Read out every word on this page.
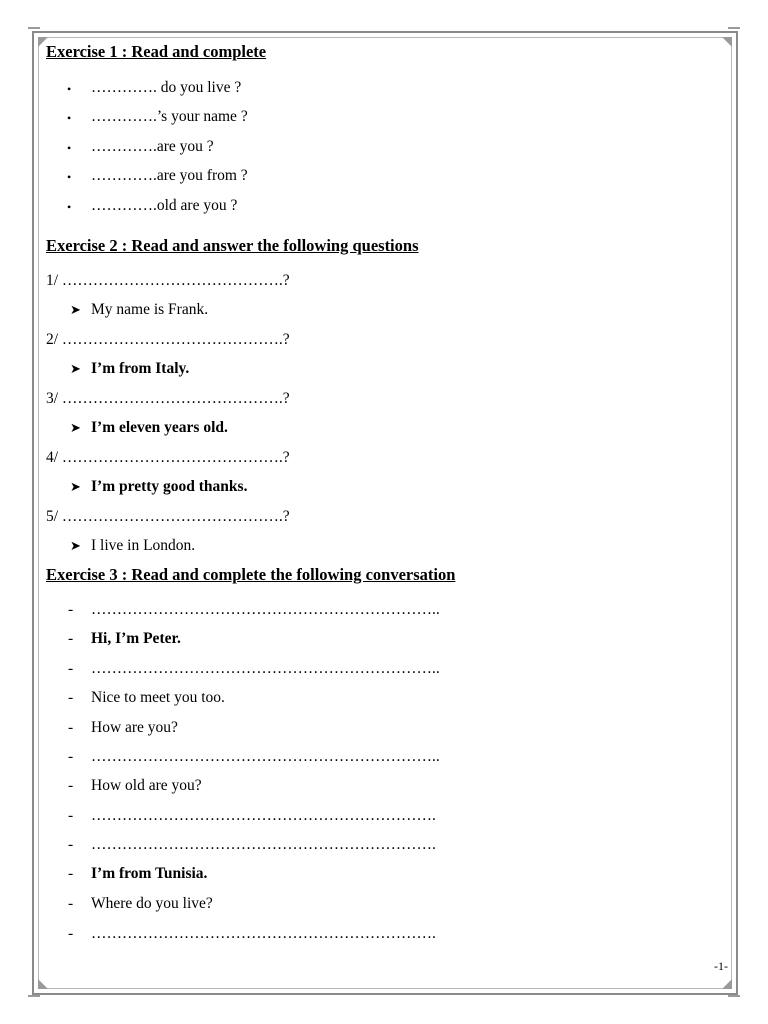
Exercise 1 : Read and complete
• …………. do you live ?
• ………….’s your name ?
• ………….are you ?
• ………….are you from ?
• ………….old are you ?
Exercise 2 : Read and answer the following questions
1/ …………………………………….?
➤ My name is Frank.
2/ …………………………………….?
➤ I’m from Italy.
3/ …………………………………….?
➤ I’m eleven years old.
4/ …………………………………….?
➤ I’m pretty good thanks.
5/ …………………………………….?
➤ I live in London.
Exercise 3 : Read and complete the following conversation
- …………………………………………………………..
- Hi, I’m Peter.
- …………………………………………………………..
- Nice to meet you too.
- How are you?
- …………………………………………………………..
- How old are you?
- ………………………………………………………….
- ………………………………………………………….
- I’m from Tunisia.
- Where do you live?
- ………………………………………………………….
-1-
